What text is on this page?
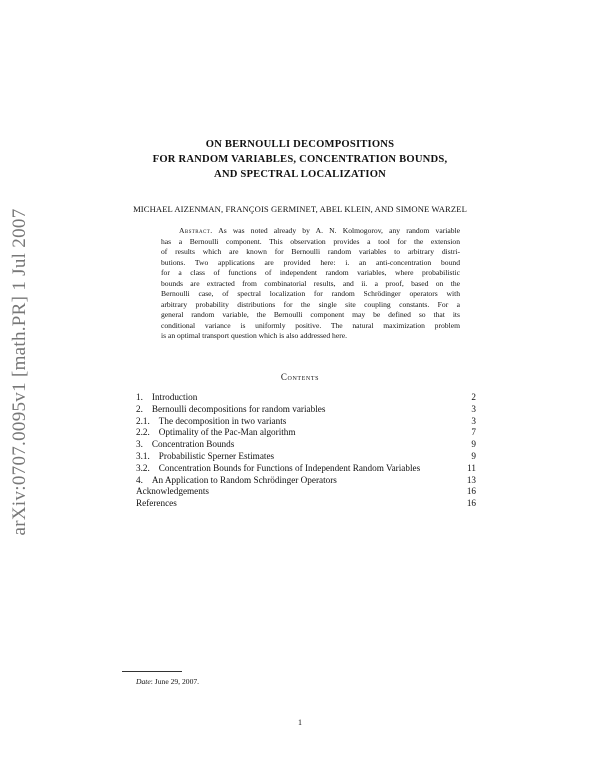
arXiv:0707.0095v1 [math.PR] 1 Jul 2007
ON BERNOULLI DECOMPOSITIONS
FOR RANDOM VARIABLES, CONCENTRATION BOUNDS,
AND SPECTRAL LOCALIZATION
MICHAEL AIZENMAN, FRANÇOIS GERMINET, ABEL KLEIN, AND SIMONE WARZEL
Abstract. As was noted already by A. N. Kolmogorov, any random variable
has a Bernoulli component. This observation provides a tool for the extension
of results which are known for Bernoulli random variables to arbitrary distri-
butions. Two applications are provided here: i. an anti-concentration bound
for a class of functions of independent random variables, where probabilistic
bounds are extracted from combinatorial results, and ii. a proof, based on the
Bernoulli case, of spectral localization for random Schrödinger operators with
arbitrary probability distributions for the single site coupling constants. For a
general random variable, the Bernoulli component may be defined so that its
conditional variance is uniformly positive. The natural maximization problem
is an optimal transport question which is also addressed here.
Contents
1. Introduction	2
2. Bernoulli decompositions for random variables	3
2.1. The decomposition in two variants	3
2.2. Optimality of the Pac-Man algorithm	7
3. Concentration Bounds	9
3.1. Probabilistic Sperner Estimates	9
3.2. Concentration Bounds for Functions of Independent Random Variables	11
4. An Application to Random Schrödinger Operators	13
Acknowledgements	16
References	16
Date: June 29, 2007.
1
